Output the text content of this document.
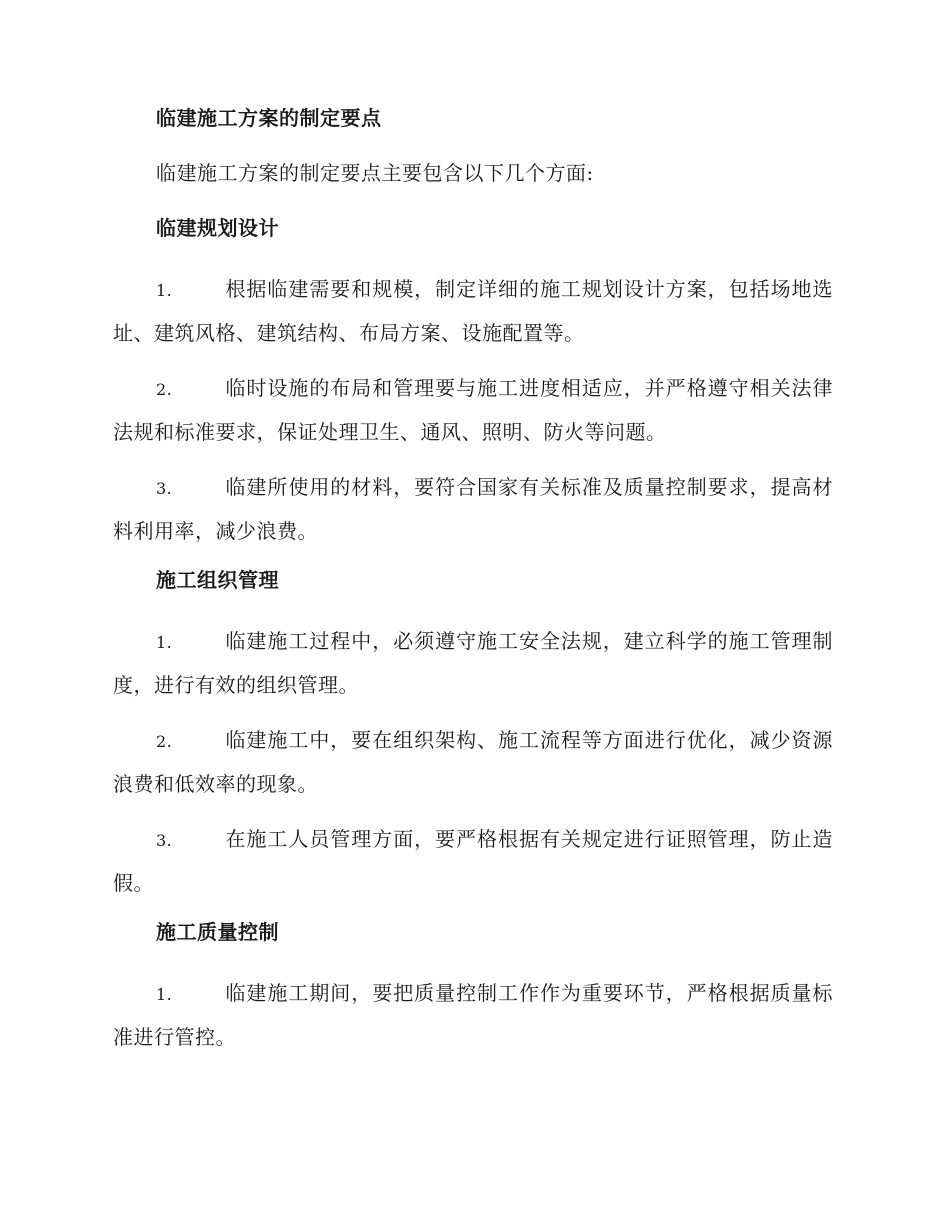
临建施工方案的制定要点
临建施工方案的制定要点主要包含以下几个方面:
临建规划设计
1.	根据临建需要和规模，制定详细的施工规划设计方案，包括场地选址、建筑风格、建筑结构、布局方案、设施配置等。
2.	临时设施的布局和管理要与施工进度相适应，并严格遵守相关法律法规和标准要求，保证处理卫生、通风、照明、防火等问题。
3.	临建所使用的材料，要符合国家有关标准及质量控制要求，提高材料利用率，减少浪费。
施工组织管理
1.	临建施工过程中，必须遵守施工安全法规，建立科学的施工管理制度，进行有效的组织管理。
2.	临建施工中，要在组织架构、施工流程等方面进行优化，减少资源浪费和低效率的现象。
3.	在施工人员管理方面，要严格根据有关规定进行证照管理，防止造假。
施工质量控制
1.	临建施工期间，要把质量控制工作作为重要环节，严格根据质量标准进行管控。
